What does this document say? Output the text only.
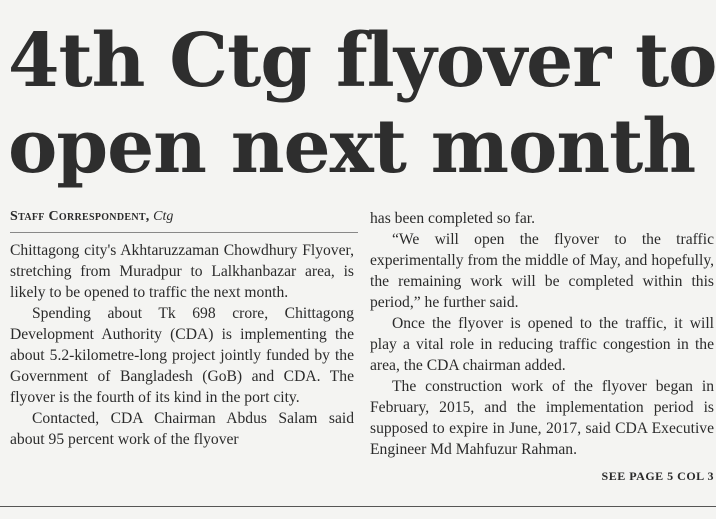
4th Ctg flyover to
open next month
Staff Correspondent, Ctg

Chittagong city's Akhtaruzzaman Chowdhury Flyover, stretching from Muradpur to Lalkhanbazar area, is likely to be opened to traffic the next month.

Spending about Tk 698 crore, Chittagong Development Authority (CDA) is implementing the about 5.2-kilometre-long project jointly funded by the Government of Bangladesh (GoB) and CDA. The flyover is the fourth of its kind in the port city.

Contacted, CDA Chairman Abdus Salam said about 95 percent work of the flyover

has been completed so far.

“We will open the flyover to the traffic experimentally from the middle of May, and hopefully, the remaining work will be completed within this period,” he further said.

Once the flyover is opened to the traffic, it will play a vital role in reducing traffic congestion in the area, the CDA chairman added.

The construction work of the flyover began in February, 2015, and the implementation period is supposed to expire in June, 2017, said CDA Executive Engineer Md Mahfuzur Rahman.

SEE PAGE 5 COL 3
